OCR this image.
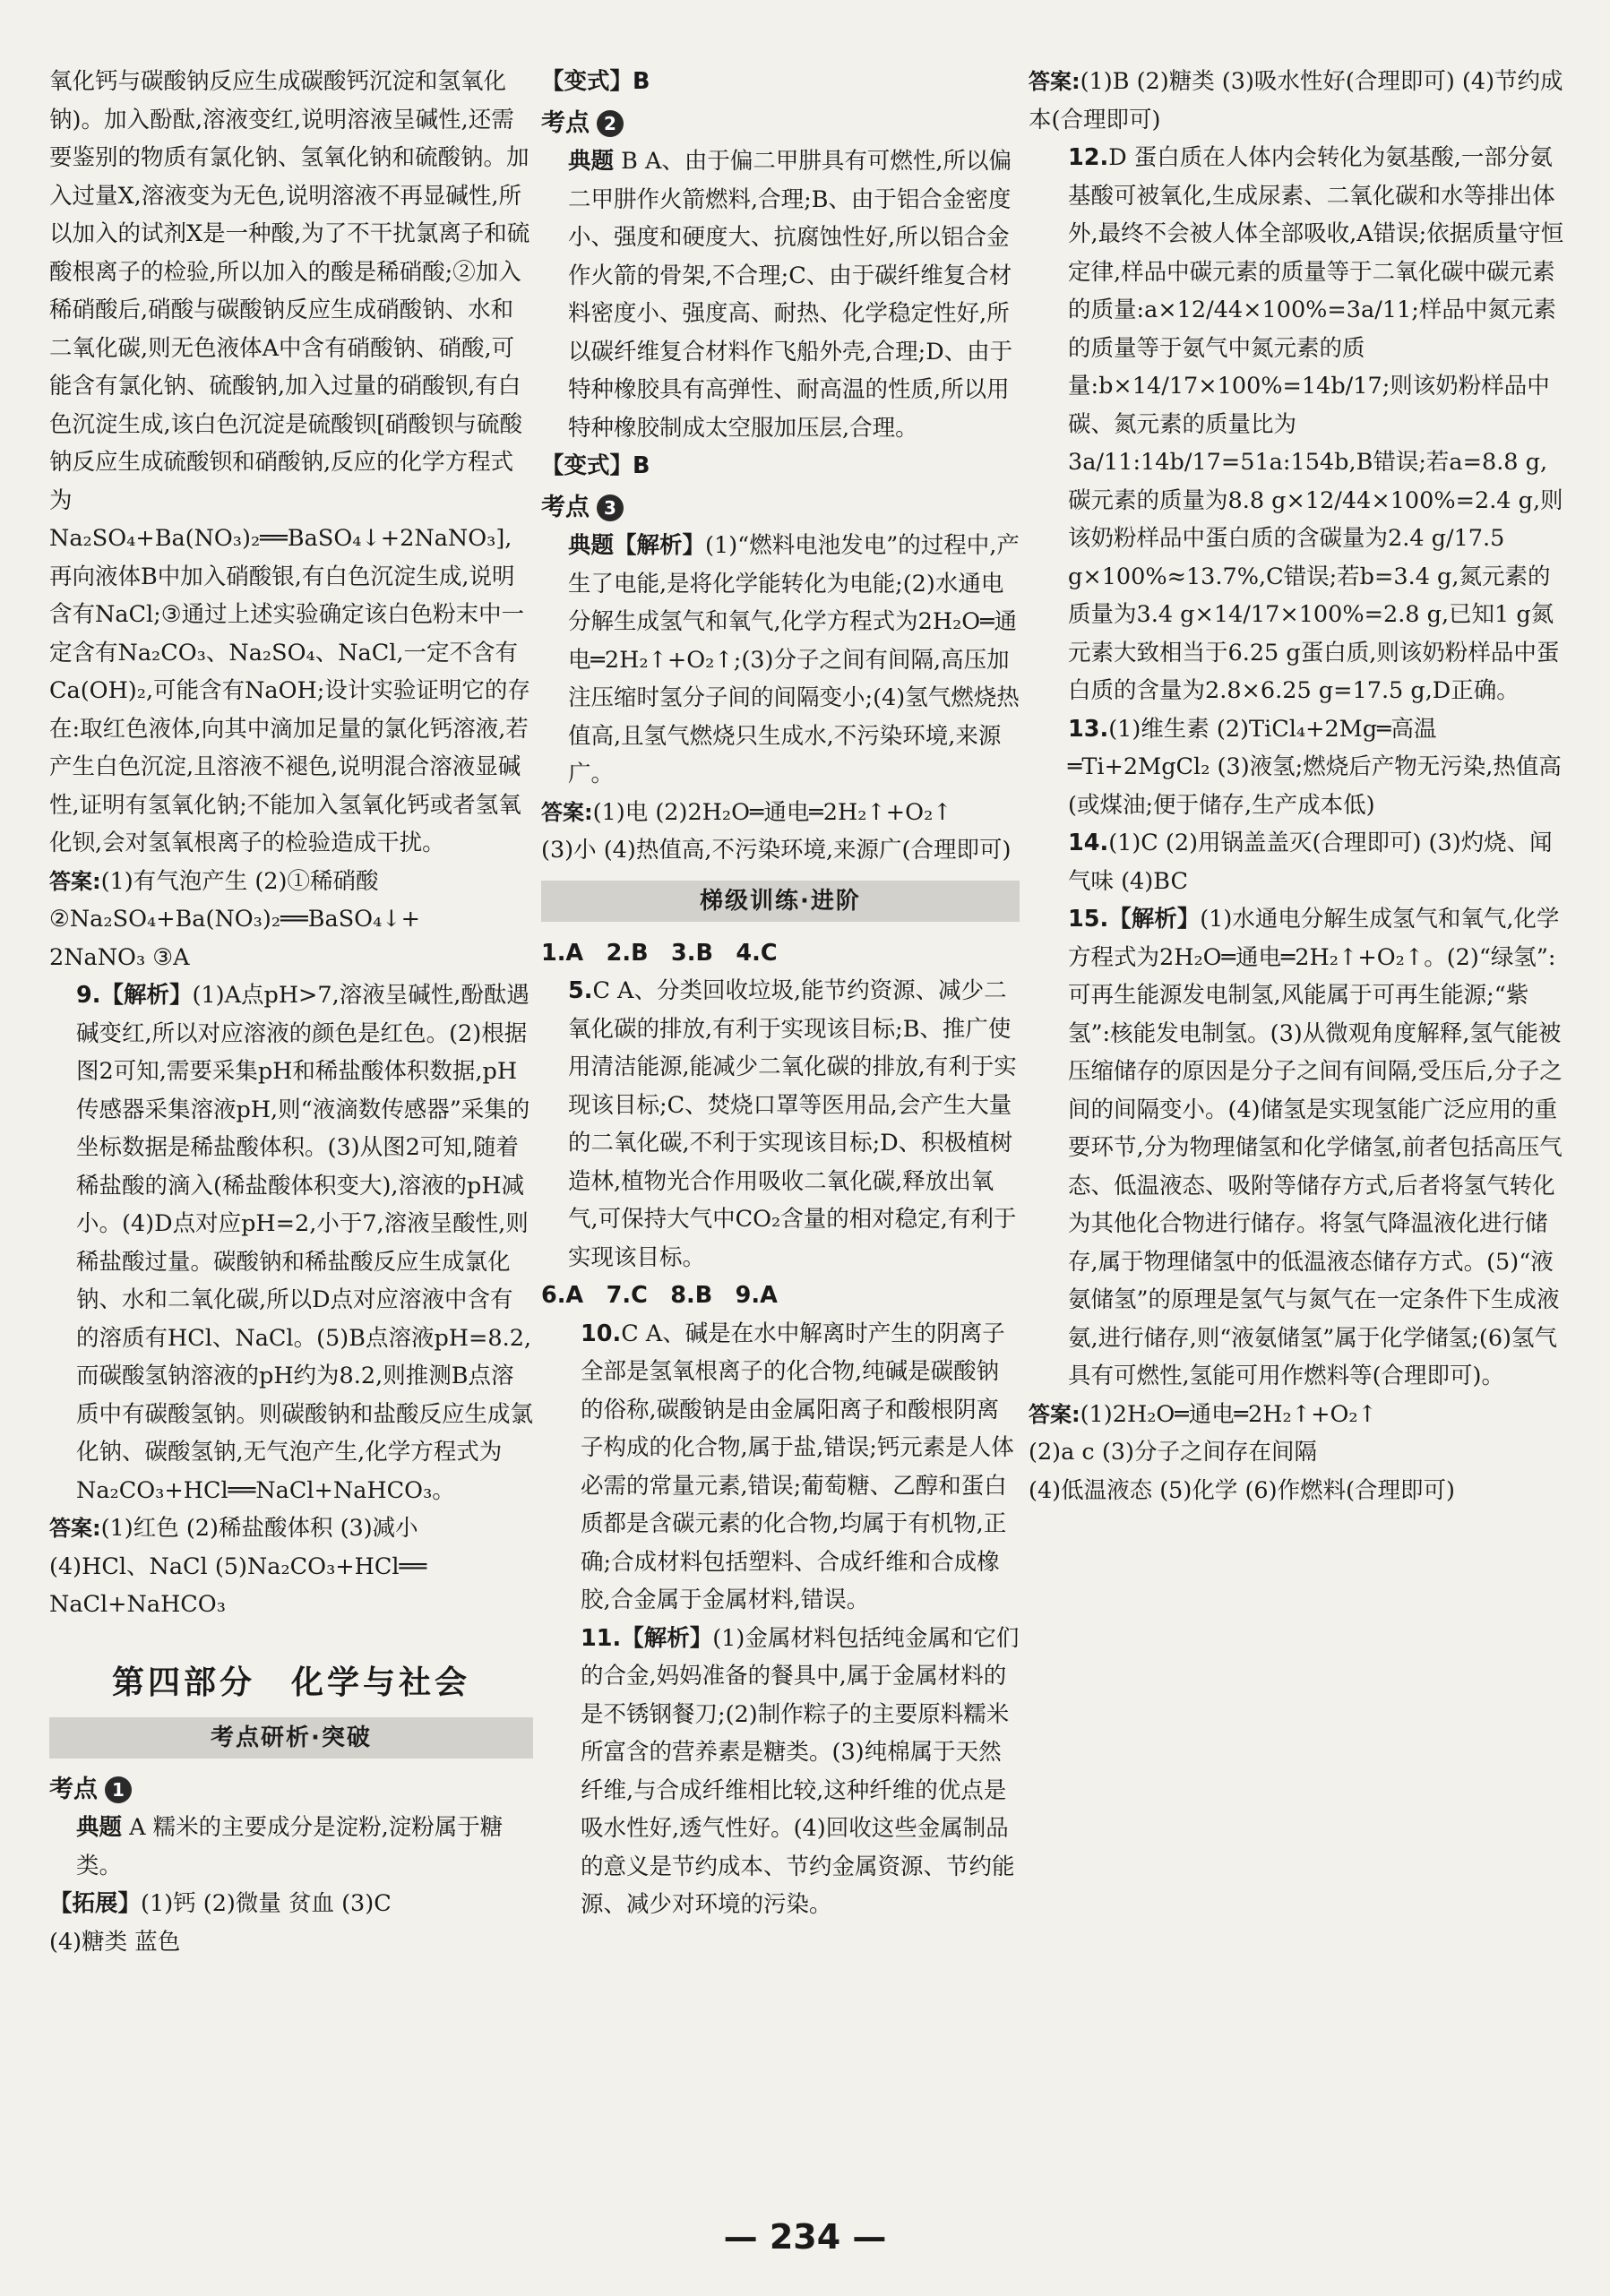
氧化钙与碳酸钠反应生成碳酸钙沉淀和氢氧化钠)。加入酚酞,溶液变红,说明溶液呈碱性,还需要鉴别的物质有氯化钠、氢氧化钠和硫酸钠。加入过量X,溶液变为无色,说明溶液不再显碱性,所以加入的试剂X是一种酸,为了不干扰氯离子和硫酸根离子的检验,所以加入的酸是稀硝酸;②加入稀硝酸后,硝酸与碳酸钠反应生成硝酸钠、水和二氧化碳,则无色液体A中含有硝酸钠、硝酸,可能含有氯化钠、硫酸钠,加入过量的硝酸钡,有白色沉淀生成,该白色沉淀是硫酸钡[硝酸钡与硫酸钠反应生成硫酸钡和硝酸钠,反应的化学方程式为 Na₂SO₄+Ba(NO₃)₂══BaSO₄↓+2NaNO₃],再向液体B中加入硝酸银,有白色沉淀生成,说明含有NaCl;③通过上述实验确定该白色粉末中一定含有Na₂CO₃、Na₂SO₄、NaCl,一定不含有Ca(OH)₂,可能含有NaOH;设计实验证明它的存在:取红色液体,向其中滴加足量的氯化钙溶液,若产生白色沉淀,且溶液不褪色,说明混合溶液显碱性,证明有氢氧化钠;不能加入氢氧化钙或者氢氧化钡,会对氢氧根离子的检验造成干扰。

答案:(1)有气泡产生 (2)①稀硝酸

②Na₂SO₄+Ba(NO₃)₂══BaSO₄↓+

2NaNO₃ ③A

9.【解析】(1)A点pH>7,溶液呈碱性,酚酞遇碱变红,所以对应溶液的颜色是红色。(2)根据图2可知,需要采集pH和稀盐酸体积数据,pH传感器采集溶液pH,则“液滴数传感器”采集的坐标数据是稀盐酸体积。(3)从图2可知,随着稀盐酸的滴入(稀盐酸体积变大),溶液的pH减小。(4)D点对应pH=2,小于7,溶液呈酸性,则稀盐酸过量。碳酸钠和稀盐酸反应生成氯化钠、水和二氧化碳,所以D点对应溶液中含有的溶质有HCl、NaCl。(5)B点溶液pH=8.2,而碳酸氢钠溶液的pH约为8.2,则推测B点溶质中有碳酸氢钠。则碳酸钠和盐酸反应生成氯化钠、碳酸氢钠,无气泡产生,化学方程式为Na₂CO₃+HCl══NaCl+NaHCO₃。

答案:(1)红色 (2)稀盐酸体积 (3)减小

(4)HCl、NaCl (5)Na₂CO₃+HCl══

NaCl+NaHCO₃

第四部分　化学与社会
考点研析·突破
考点 1

典题 A 糯米的主要成分是淀粉,淀粉属于糖类。

【拓展】(1)钙 (2)微量 贫血 (3)C

(4)糖类 蓝色

【变式】B

考点 2

典题 B A、由于偏二甲肼具有可燃性,所以偏二甲肼作火箭燃料,合理;B、由于铝合金密度小、强度和硬度大、抗腐蚀性好,所以铝合金作火箭的骨架,不合理;C、由于碳纤维复合材料密度小、强度高、耐热、化学稳定性好,所以碳纤维复合材料作飞船外壳,合理;D、由于特种橡胶具有高弹性、耐高温的性质,所以用特种橡胶制成太空服加压层,合理。

【变式】B

考点 3

典题【解析】(1)“燃料电池发电”的过程中,产生了电能,是将化学能转化为电能;(2)水通电分解生成氢气和氧气,化学方程式为2H₂O═通电═2H₂↑+O₂↑;(3)分子之间有间隔,高压加注压缩时氢分子间的间隔变小;(4)氢气燃烧热值高,且氢气燃烧只生成水,不污染环境,来源广。

答案:(1)电 (2)2H₂O═通电═2H₂↑+O₂↑

(3)小 (4)热值高,不污染环境,来源广(合理即可)

梯级训练·进阶

1.A　2.B　3.B　4.C

5.C A、分类回收垃圾,能节约资源、减少二氧化碳的排放,有利于实现该目标;B、推广使用清洁能源,能减少二氧化碳的排放,有利于实现该目标;C、焚烧口罩等医用品,会产生大量的二氧化碳,不利于实现该目标;D、积极植树造林,植物光合作用吸收二氧化碳,释放出氧气,可保持大气中CO₂含量的相对稳定,有利于实现该目标。

6.A　7.C　8.B　9.A

10.C A、碱是在水中解离时产生的阴离子全部是氢氧根离子的化合物,纯碱是碳酸钠的俗称,碳酸钠是由金属阳离子和酸根阴离子构成的化合物,属于盐,错误;钙元素是人体必需的常量元素,错误;葡萄糖、乙醇和蛋白质都是含碳元素的化合物,均属于有机物,正确;合成材料包括塑料、合成纤维和合成橡胶,合金属于金属材料,错误。

11.【解析】(1)金属材料包括纯金属和它们的合金,妈妈准备的餐具中,属于金属材料的是不锈钢餐刀;(2)制作粽子的主要原料糯米所富含的营养素是糖类。(3)纯棉属于天然纤维,与合成纤维相比较,这种纤维的优点是吸水性好,透气性好。(4)回收这些金属制品的意义是节约成本、节约金属资源、节约能源、减少对环境的污染。

答案:(1)B (2)糖类 (3)吸水性好(合理即可) (4)节约成本(合理即可)

12.D 蛋白质在人体内会转化为氨基酸,一部分氨基酸可被氧化,生成尿素、二氧化碳和水等排出体外,最终不会被人体全部吸收,A错误;依据质量守恒定律,样品中碳元素的质量等于二氧化碳中碳元素的质量:a×12/44×100%=3a/11;样品中氮元素的质量等于氨气中氮元素的质量:b×14/17×100%=14b/17;则该奶粉样品中碳、氮元素的质量比为3a/11:14b/17=51a:154b,B错误;若a=8.8 g,碳元素的质量为8.8 g×12/44×100%=2.4 g,则该奶粉样品中蛋白质的含碳量为2.4 g/17.5 g×100%≈13.7%,C错误;若b=3.4 g,氮元素的质量为3.4 g×14/17×100%=2.8 g,已知1 g氮元素大致相当于6.25 g蛋白质,则该奶粉样品中蛋白质的含量为2.8×6.25 g=17.5 g,D正确。

13.(1)维生素 (2)TiCl₄+2Mg═高温═Ti+2MgCl₂ (3)液氢;燃烧后产物无污染,热值高(或煤油;便于储存,生产成本低)

14.(1)C (2)用锅盖盖灭(合理即可) (3)灼烧、闻气味 (4)BC

15.【解析】(1)水通电分解生成氢气和氧气,化学方程式为2H₂O═通电═2H₂↑+O₂↑。(2)“绿氢”:可再生能源发电制氢,风能属于可再生能源;“紫氢”:核能发电制氢。(3)从微观角度解释,氢气能被压缩储存的原因是分子之间有间隔,受压后,分子之间的间隔变小。(4)储氢是实现氢能广泛应用的重要环节,分为物理储氢和化学储氢,前者包括高压气态、低温液态、吸附等储存方式,后者将氢气转化为其他化合物进行储存。将氢气降温液化进行储存,属于物理储氢中的低温液态储存方式。(5)“液氨储氢”的原理是氢气与氮气在一定条件下生成液氨,进行储存,则“液氨储氢”属于化学储氢;(6)氢气具有可燃性,氢能可用作燃料等(合理即可)。

答案:(1)2H₂O═通电═2H₂↑+O₂↑

(2)a c (3)分子之间存在间隔

(4)低温液态 (5)化学 (6)作燃料(合理即可)

— 234 —
